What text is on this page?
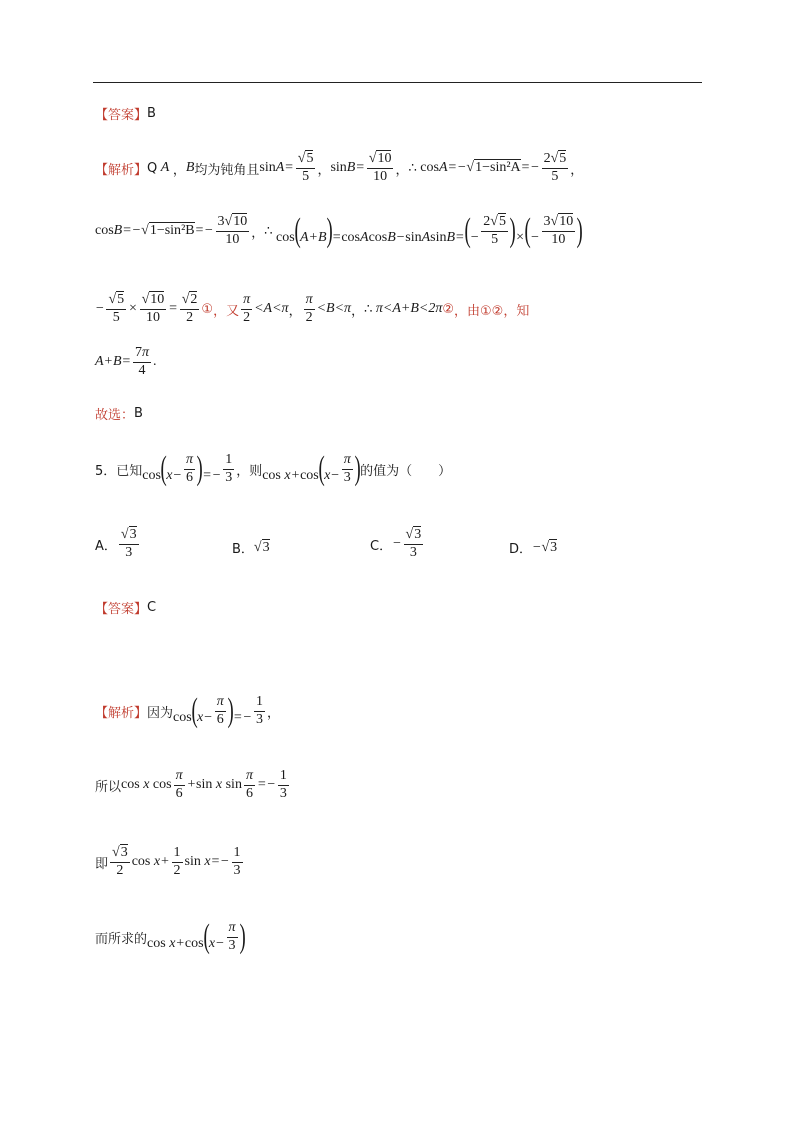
【答案】 B
【解析】 Q A ， B 均为钝角且 $\sin A= \frac{√5}{5}$ ， $\sin B= \frac{√10}{10}$ ， ∴ $\cos A=-√1-\sin^2A=- \frac{2√5}{5}$ ，
$\cos B=-√1-\sin^2B=- \frac{3√10}{10}$ ， ∴ cos(A+B)=cosAcosB−sinAsinB= (− $\frac{2√5}{5}$ )×(− $\frac{3√10}{10}$ )
− $\frac{√5}{5} \times \frac{√10}{10} = \frac{√2}{2}$ ① ，又 $\frac{\pi}{2} <A<\pi$ ， $\frac{\pi}{2} <B<\pi$ ， ∴ π<A+B<2π ② ，由①②，知
$A+B= \frac{7\pi}{4}$ .
故选： B
5．已知 $\cos(x- \frac{\pi}{6}$ )=− $\frac{1}{3}$ ，则 $\cos x+\cos(x- \frac{\pi}{3}$ ) 的值为（　　）
A． $\frac{√3}{3}$	B． √3	C． − $\frac{√3}{3}$	D． −√3
【答案】 C
【解析】 因为 $\cos(x- \frac{\pi}{6}$ )=− $\frac{1}{3}$ ，
所以 cos x $\cos \frac{\pi}{6} +\sin$ x $\sin \frac{\pi}{6} =- \frac{1}{3}$
即 $\frac{√3}{2}$ $\cos x+ \frac{1}{2}$ $\sin x=- \frac{1}{3}$
而所求的 $\cos x+\cos(x- \frac{\pi}{3}$ )
